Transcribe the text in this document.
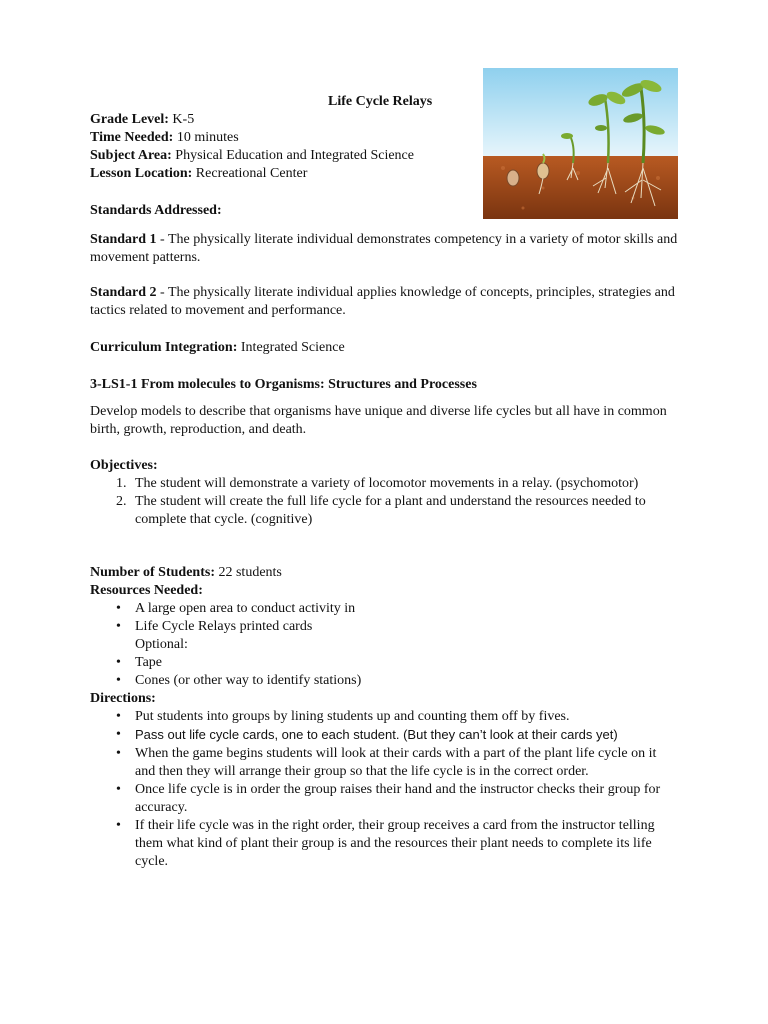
Life Cycle Relays
Grade Level: K-5
Time Needed: 10 minutes
Subject Area: Physical Education and Integrated Science
Lesson Location: Recreational Center
Standards Addressed:
Standard 1 - The physically literate individual demonstrates competency in a variety of motor skills and movement patterns.
Standard 2 - The physically literate individual applies knowledge of concepts, principles, strategies and tactics related to movement and performance.
Curriculum Integration: Integrated Science
3-LS1-1 From molecules to Organisms: Structures and Processes
Develop models to describe that organisms have unique and diverse life cycles but all have in common birth, growth, reproduction, and death.
Objectives:
1. The student will demonstrate a variety of locomotor movements in a relay. (psychomotor)
2. The student will create the full life cycle for a plant and understand the resources needed to complete that cycle. (cognitive)
Number of Students: 22 students
Resources Needed:
• A large open area to conduct activity in
• Life Cycle Relays printed cards
Optional:
• Tape
• Cones (or other way to identify stations)
Directions:
• Put students into groups by lining students up and counting them off by fives.
• Pass out life cycle cards, one to each student. (But they can’t look at their cards yet)
• When the game begins students will look at their cards with a part of the plant life cycle on it and then they will arrange their group so that the life cycle is in the correct order.
• Once life cycle is in order the group raises their hand and the instructor checks their group for accuracy.
• If their life cycle was in the right order, their group receives a card from the instructor telling them what kind of plant their group is and the resources their plant needs to complete its life cycle.
